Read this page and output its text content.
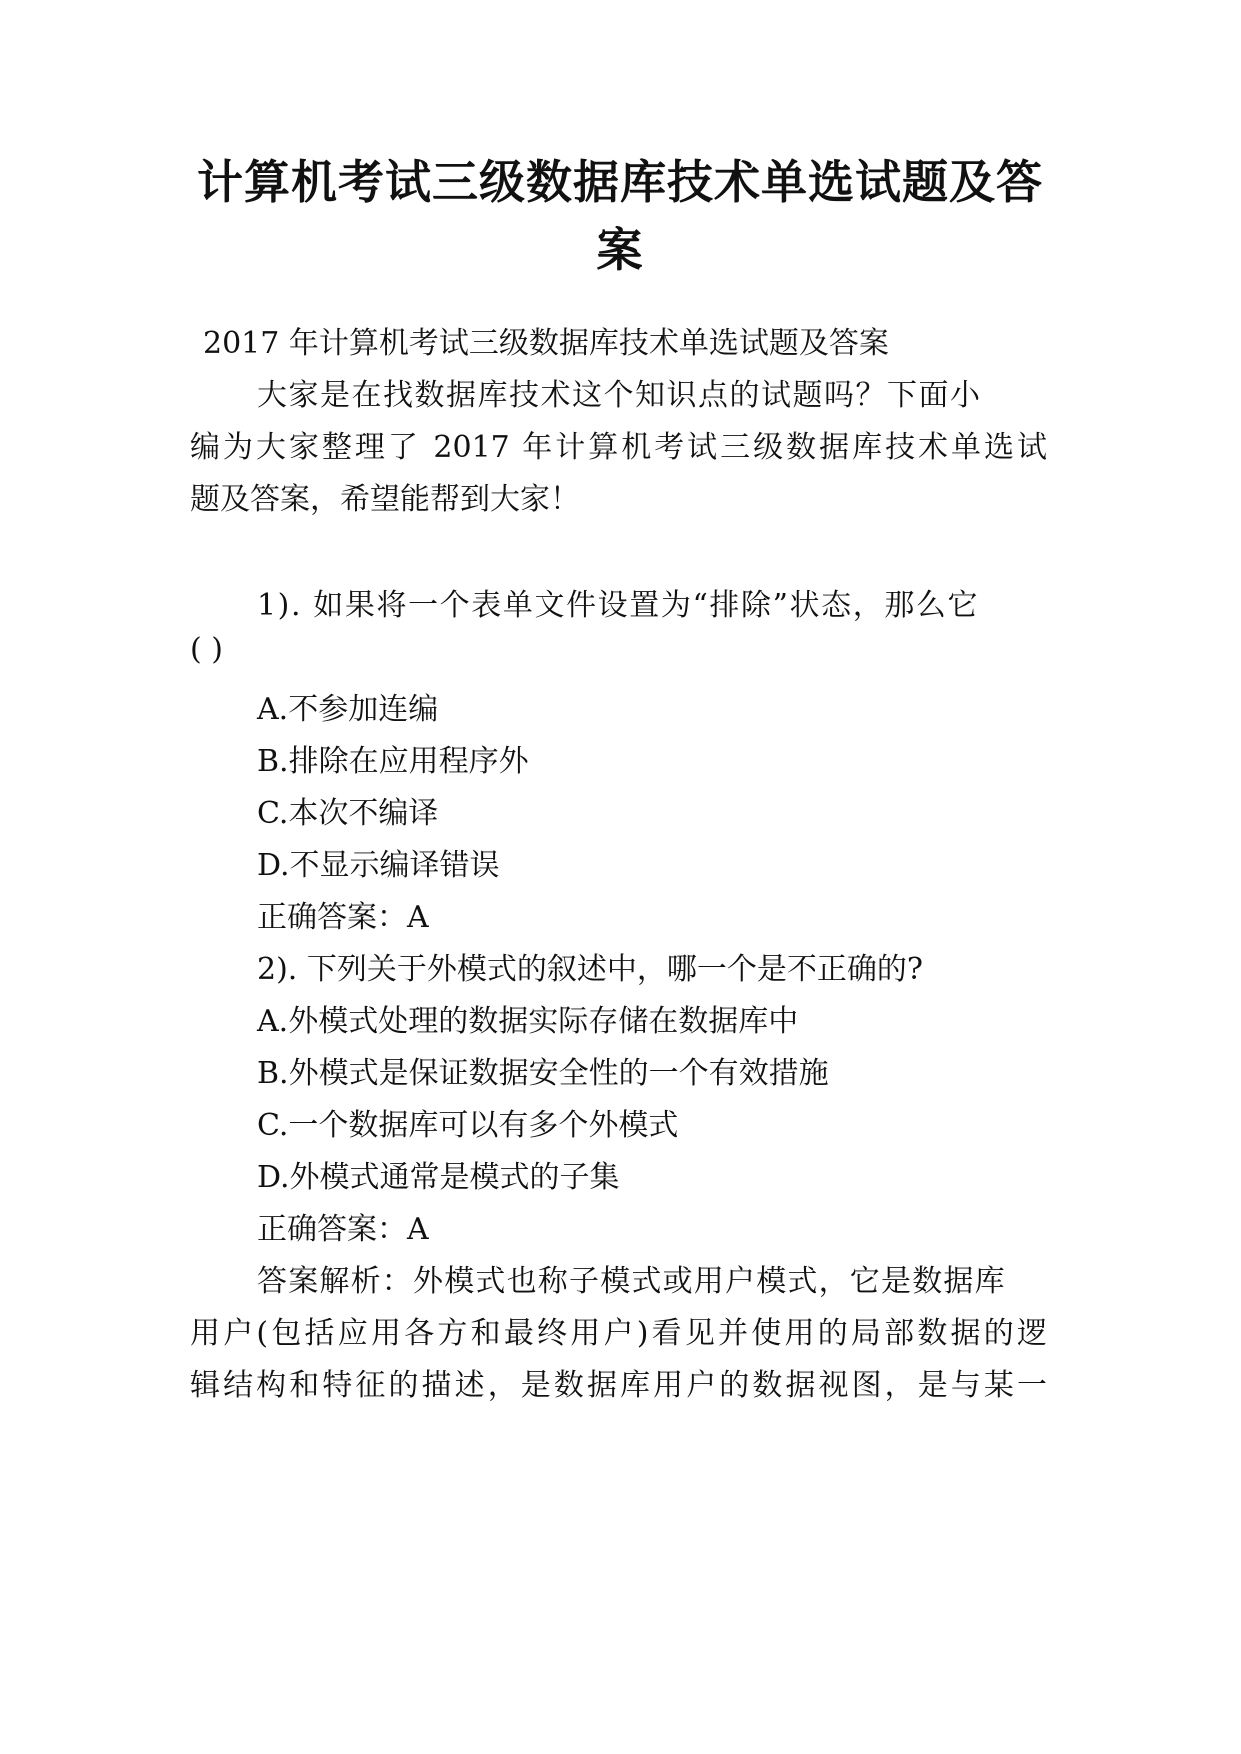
计算机考试三级数据库技术单选试题及答
案

2017 年计算机考试三级数据库技术单选试题及答案

大家是在找数据库技术这个知识点的试题吗？下面小

编为大家整理了 2017 年计算机考试三级数据库技术单选试

题及答案，希望能帮到大家！

1). 如果将一个表单文件设置为“排除”状态，那么它

( )

A.不参加连编

B.排除在应用程序外

C.本次不编译

D.不显示编译错误

正确答案：A

2). 下列关于外模式的叙述中，哪一个是不正确的?

A.外模式处理的数据实际存储在数据库中

B.外模式是保证数据安全性的一个有效措施

C.一个数据库可以有多个外模式

D.外模式通常是模式的子集

正确答案：A

答案解析：外模式也称子模式或用户模式，它是数据库

用户(包括应用各方和最终用户)看见并使用的局部数据的逻

辑结构和特征的描述，是数据库用户的数据视图，是与某一
